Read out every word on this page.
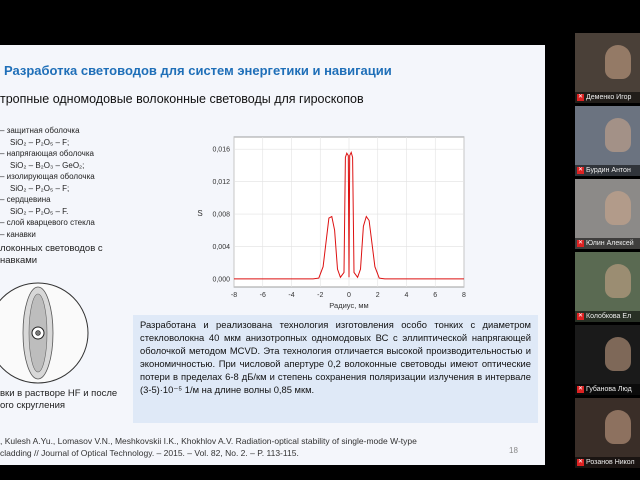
Разработка световодов для систем энергетики и навигации
тропные одномодовые волоконные световоды для гироскопов
– защитная оболочка
SiO₂ – P₂O₅ – F;
– напрягающая оболочка
SiO₂ – B₂O₃ – GeO₂;
– изолирующая оболочка
SiO₂ – P₂O₅ – F;
– сердцевина
SiO₂ – P₂O₅ – F.
– слой кварцевого стекла
– канавки
локонных световодов с
навками
вки в растворе HF и после
ого скругления
-8	-6	-4	-2	0	2	4	6	8
0,000
0,004
0,008
0,012
0,016
Радиус, мм
S
Разработана и реализована технология изготовления особо тонких с диаметром стекловолокна 40 мкм анизотропных одномодовых ВС с эллиптической напрягающей оболочкой методом MCVD. Эта технология отличается высокой производительностью и экономичностью. При числовой апертуре 0,2 волоконные световоды имеют оптические потери в пределах 6-8 дБ/км и степень сохранения поляризации излучения в интервале (3-5)·10⁻⁵ 1/м на длине волны 0,85 мкм.
, Kulesh A.Yu., Lomasov V.N., Meshkovskii I.K., Khokhlov A.V. Radiation-optical stability of single-mode W-type
cladding // Journal of Optical Technology. – 2015. – Vol. 82, No. 2. – P. 113-115.	18
✕ Деменко Игор
✕ Бурдин Антон
✕ Юлин Алексей
✕ Колобкова Ел
✕ Губанова Люд
✕ Розанов Никол
